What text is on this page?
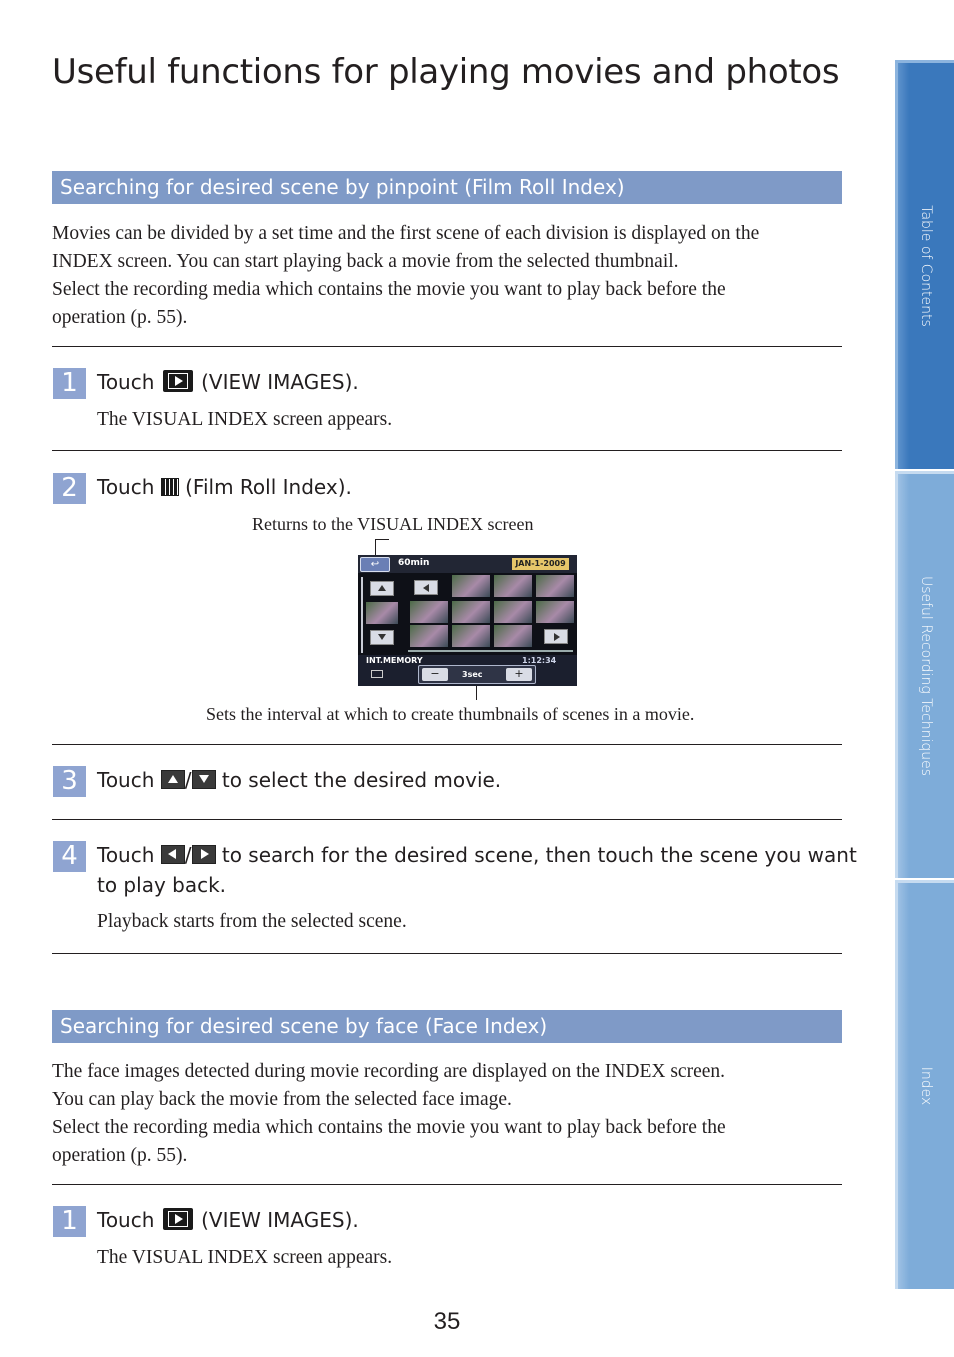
Useful functions for playing movies and photos
Searching for desired scene by pinpoint (Film Roll Index)
Movies can be divided by a set time and the first scene of each division is displayed on the
INDEX screen. You can start playing back a movie from the selected thumbnail.
Select the recording media which contains the movie you want to play back before the
operation (p. 55).
1 Touch (VIEW IMAGES).
The VISUAL INDEX screen appears.
2 Touch (Film Roll Index).
Returns to the VISUAL INDEX screen
↩	60min	JAN-1-2009
INT.MEMORY	1:12:34
−	3sec	+
Sets the interval at which to create thumbnails of scenes in a movie.
3 Touch / to select the desired movie.
4 Touch / to search for the desired scene, then touch the scene you want
to play back.
Playback starts from the selected scene.
Searching for desired scene by face (Face Index)
The face images detected during movie recording are displayed on the INDEX screen.
You can play back the movie from the selected face image.
Select the recording media which contains the movie you want to play back before the
operation (p. 55).
1 Touch (VIEW IMAGES).
The VISUAL INDEX screen appears.
Table of Contents
Useful Recording Techniques
Index
35
